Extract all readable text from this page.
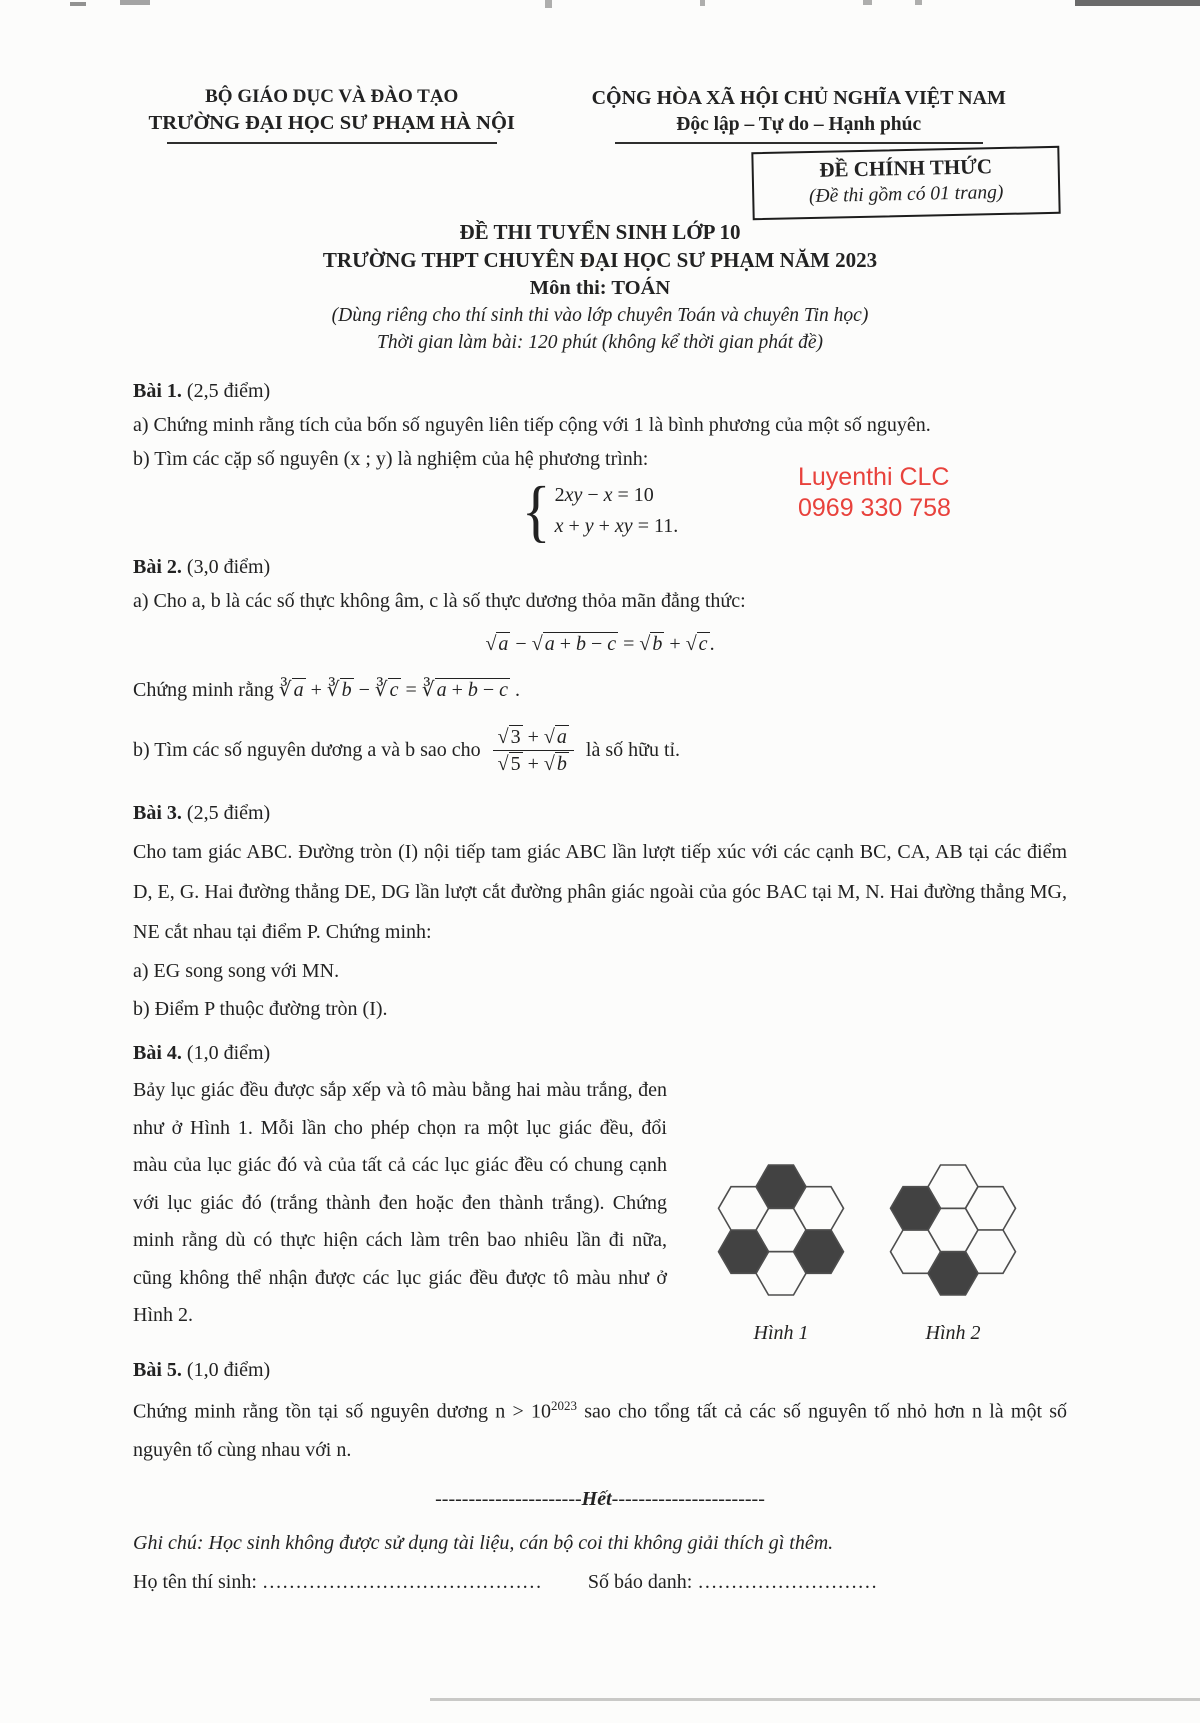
ĐỀ CHÍNH THỨC
(Đề thi gồm có 01 trang)
Luyenthi CLC
0969 330 758
BỘ GIÁO DỤC VÀ ĐÀO TẠO
TRƯỜNG ĐẠI HỌC SƯ PHẠM HÀ NỘI
CỘNG HÒA XÃ HỘI CHỦ NGHĨA VIỆT NAM
Độc lập – Tự do – Hạnh phúc
ĐỀ THI TUYỂN SINH LỚP 10
TRƯỜNG THPT CHUYÊN ĐẠI HỌC SƯ PHẠM NĂM 2023
Môn thi: TOÁN
(Dùng riêng cho thí sinh thi vào lớp chuyên Toán và chuyên Tin học)
Thời gian làm bài: 120 phút (không kể thời gian phát đề)

Bài 1. (2,5 điểm)

a) Chứng minh rằng tích của bốn số nguyên liên tiếp cộng với 1 là bình phương của một số nguyên.

b) Tìm các cặp số nguyên (x ; y) là nghiệm của hệ phương trình:

{ 2xy − x = 10
x + y + xy = 11.

Bài 2. (3,0 điểm)

a) Cho a, b là các số thực không âm, c là số thực dương thỏa mãn đẳng thức:

√ a − √ a + b − c = √ b + √ c .

Chứng minh rằng ∛ a + ∛ b − ∛ c = ∛ a + b − c .

b) Tìm các số nguyên dương a và b sao cho $\frac{√ 3 + √ a}{√ 5 + √ b}$ là số hữu tỉ.

Bài 3. (2,5 điểm)

Cho tam giác ABC. Đường tròn (I) nội tiếp tam giác ABC lần lượt tiếp xúc với các cạnh BC, CA, AB tại các điểm D, E, G. Hai đường thẳng DE, DG lần lượt cắt đường phân giác ngoài của góc BAC tại M, N. Hai đường thẳng MG, NE cắt nhau tại điểm P. Chứng minh:

a) EG song song với MN.

b) Điểm P thuộc đường tròn (I).

Bài 4. (1,0 điểm)

Bảy lục giác đều được sắp xếp và tô màu bằng hai màu trắng, đen như ở Hình 1. Mỗi lần cho phép chọn ra một lục giác đều, đổi màu của lục giác đó và của tất cả các lục giác đều có chung cạnh với lục giác đó (trắng thành đen hoặc đen thành trắng). Chứng minh rằng dù có thực hiện cách làm trên bao nhiêu lần đi nữa, cũng không thể nhận được các lục giác đều được tô màu như ở Hình 2.

Hình 1	Hình 2

Bài 5. (1,0 điểm)

Chứng minh rằng tồn tại số nguyên dương $n > 10^{2023}$ sao cho tổng tất cả các số nguyên tố nhỏ hơn n là một số nguyên tố cùng nhau với n.

----------------------Hết-----------------------

Ghi chú: Học sinh không được sử dụng tài liệu, cán bộ coi thi không giải thích gì thêm.

Họ tên thí sinh: …………………………………… Số báo danh: ………………………
